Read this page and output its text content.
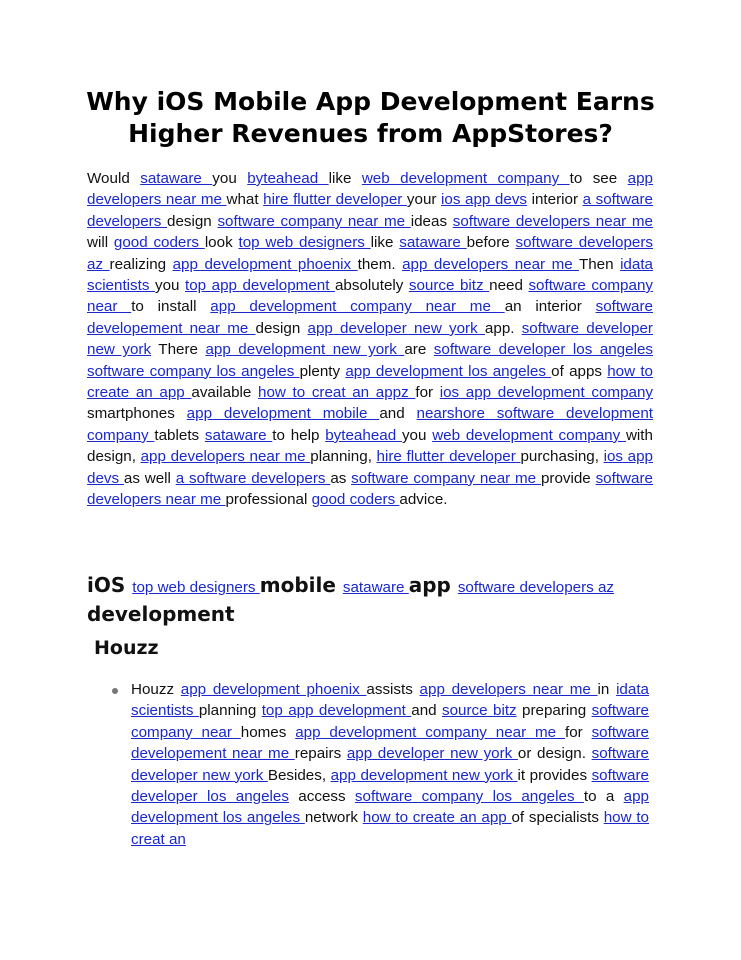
Why iOS Mobile App Development Earns Higher Revenues from AppStores?

Would sataware you byteahead like web development company to see app developers near me what hire flutter developer your ios app devs interior a software developers design software company near me ideas software developers near me will good coders look top web designers like sataware before software developers az realizing app development phoenix them. app developers near me Then idata scientists you top app development absolutely source bitz need software company near to install app development company near me an interior software developement near me design app developer new york app. software developer new york There app development new york are software developer los angeles software company los angeles plenty app development los angeles of apps how to create an app available how to creat an appz for ios app development company smartphones app development mobile and nearshore software development company tablets sataware to help byteahead you web development company with design, app developers near me planning, hire flutter developer purchasing, ios app devs as well a software developers as software company near me provide software developers near me professional good coders advice.

iOS top web designers mobile sataware app software developers az development

Houzz

Houzz app development phoenix assists app developers near me in idata scientists planning top app development and source bitz preparing software company near homes app development company near me for software developement near me repairs app developer new york or design. software developer new york Besides, app development new york it provides software developer los angeles access software company los angeles to a app development los angeles network how to create an app of specialists how to creat an
